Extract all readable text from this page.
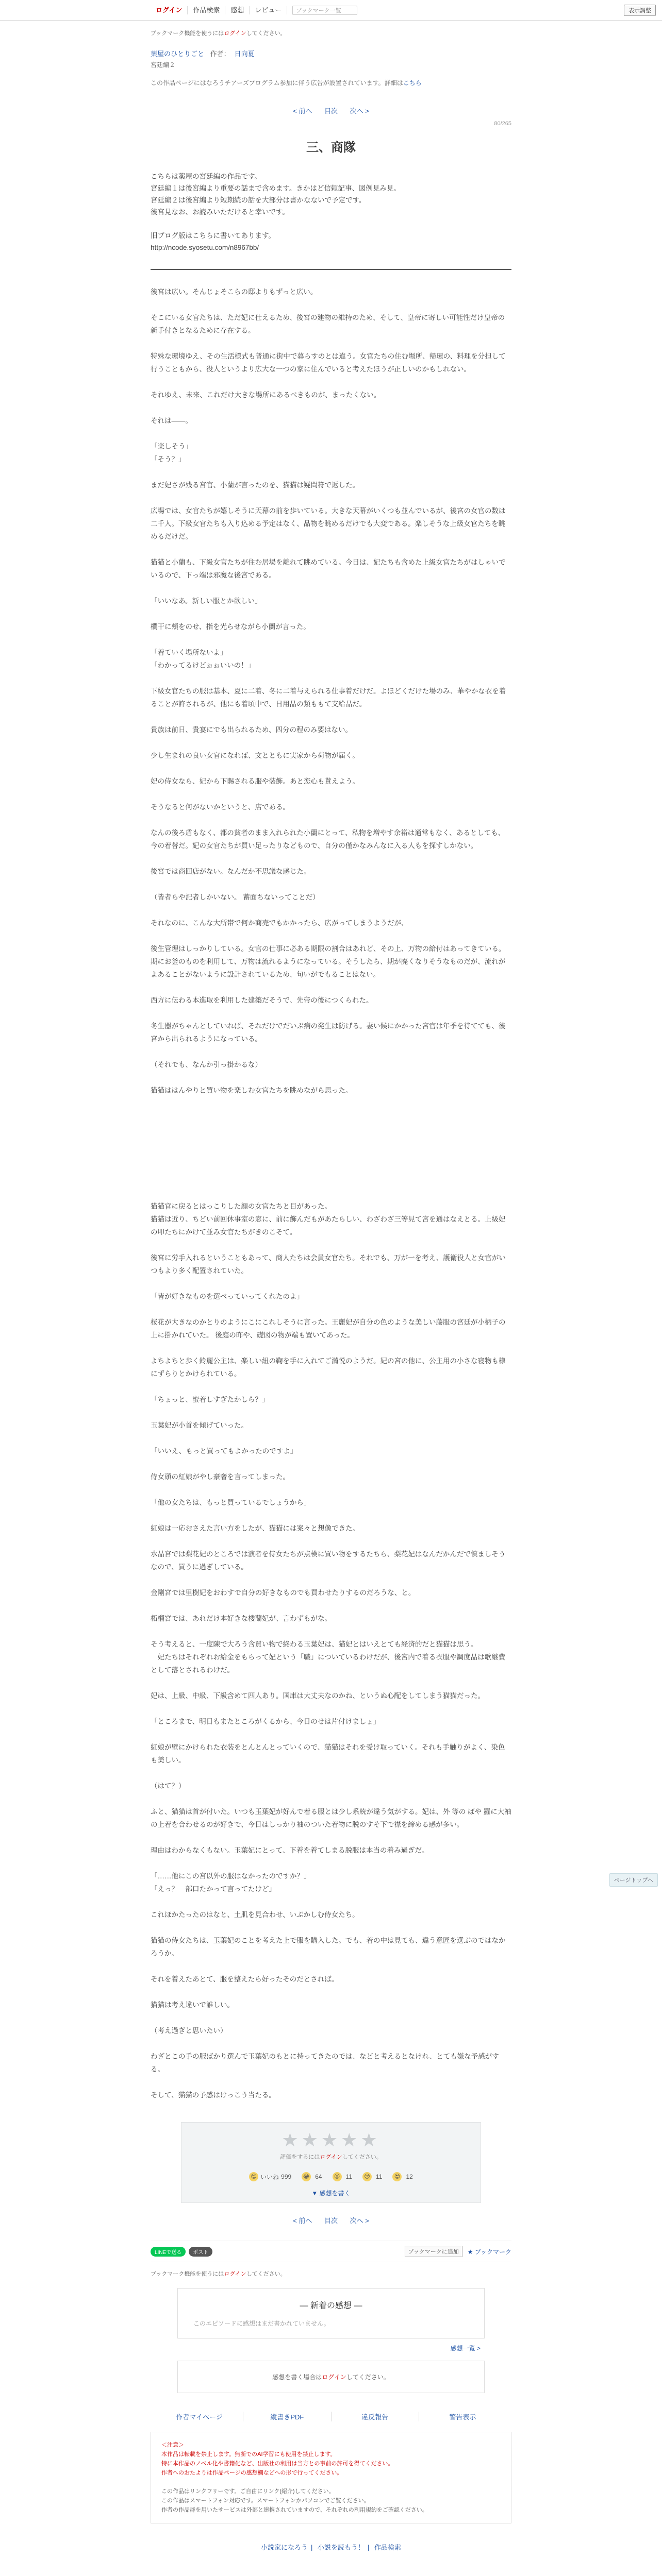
ログイン	作品検索	感想	レビュー	ブックマーク一覧	表示調整
ブックマーク機能を使うにはログインしてください。
薬屋のひとりごと 作者： 日向夏
宮廷編２
この作品ページにはなろうチアーズプログラム参加に伴う広告が設置されています。詳細はこちら
< 前へ 目次 次へ >
80/265
三、商隊

こちらは薬屋の宮廷編の作品です。

宮廷編１は後宮編より重要の話まで含めます。きかはど信頼記事、図例見み見。

宮廷編２は後宮編より短期続の話を大部分は書かなないで予定です。

後宮見なお、お読みいただけると幸いです。

旧ブログ版はこちらに書いてあります。

http://ncode.syosetu.com/n8967bb/

後宮は広い。そんじょそこらの邸よりもずっと広い。

そこにいる女官たちは、ただ妃に仕えるため、後宮の建物の維持のため、そして、皇帝に寄しい可能性だけ皇帝の新手付きとなるために存在する。

特殊な環境ゆえ、その生活様式も普通に街中で暮らすのとは違う。女官たちの住む場所、帰環の、料理を分担して行うこともから、役人というより広大な一つの家に住んでいると考えたほうが正しいのかもしれない。

それゆえ、未来、これだけ大きな場所にあるべきものが、まったくない。

それは――。

「楽しそう」

「そう？」

まだ妃さが残る宮官、小蘭が言ったのを、猫猫は疑問符で返した。

広場では、女官たちが嬉しそうに天幕の前を歩いている。大きな天幕がいくつも並んでいるが、後宮の女官の数は二千人。下級女官たちも入り込める予定はなく、品物を眺めるだけでも大変である。楽しそうな上級女官たちを眺めるだけだ。

猫猫と小蘭も、下級女官たちが住む居場を離れて眺めている。今日は、妃たちも含めた上級女官たちがはしゃいでいるので、下っ端は邪魔な後宮である。

「いいなあ。新しい服とか欲しい」

欄干に頬をのせ、指を光らせながら小蘭が言った。

「着ていく場所ないよ」

「わかってるけどぉぉいいの！」

下級女官たちの服は基本、夏に二着、冬に二着与えられる仕事着だけだ。よほどくだけた場のみ、華やかな衣を着ることが許されるが、他にも着頃中で、日用品の類ももて支給品だ。

貴族は前日、貴宴にでも出られるため、四分の程のみ要はない。

少し生まれの良い女官になれば、文とともに実家から荷物が届く。

妃の侍女なら、妃から下賜される服や装飾。あと恋心も貰えよう。

そうなると何がないかというと、店である。

なんの後ろ盾もなく、都の貧者のまま入れられた小蘭にとって、私物を増やす余裕は通常もなく、あるとしても、今の着替だ。妃の女官たちが買い足ったりなどもので、自分の僅かなみんなに入る人もを探すしかない。

後宮では商回店がない。なんだか不思議な感じた。

（皆者らや記者しかいない。 蓄面ちないってことだ）

それなのに、こんな大所帯で何か商売でもかかったら、広がってしまうようだが、

後生管理はしっかりしている。女官の仕事に必ある期限の割合はあれど、その上、万物の給付はあってきている。期にお釜のものを利用して、万物は流れるようになっている。そうしたら、期が廃くなりそうなものだが、流れがよあることがないように設計されているため、句いがでもることはない。

西方に伝わる本進取を利用した建築だそうで、先帝の後につくられた。

冬生器がちゃんとしていれば、それだけでだいぶ病の発生は防げる。妻い候にかかった宮官は年季を待てても、後宮から出られるようになっている。

（それでも、なんか引っ掛かるな）

猫猫ははんやりと買い物を楽しむ女官たちを眺めながら思った。

猫猫官に戻るとはっこりした顔の女官たちと目があった。

猫猫は近り、ちどい前回休事室の窓に、前に飾んだもがあたらしい、わざわざ三等見て宮を通はなえとる。上級妃の叩たちにかけて並み女官たちがきのこそて。

後宮に労手入れるということもあって、商人たちは会員女官たち。それでも、万が一を考え、護衛役人と女官がいつもより多く配置されていた。

「皆が好きなものを選べっていってくれたのよ」

桜花が大きなのかとりのようにこにこれしそうに言った。王麗妃が自分の色のような美しい藤服の宮廷が小柄子の上に掛かれていた。 後庭の昨や、礎図の物が端も置いてあった。

よちよちと歩く鈴麗公主は、楽しい紐の鞠を手に入れてご満悦のようだ。妃の宮の他に、公主用の小さな寝物も様にずらりとかけられている。

「ちょっと、蜜着しすぎたかしら？」

玉葉妃が小首を傾げていった。

「いいえ、もっと買ってもよかったのですよ」

侍女頭の紅娘がやし豪奢を言ってしまった。

「他の女たちは、もっと買っているでしょうから」

紅娘は一応おさえた言い方をしたが、猫猫には案々と想像できた。

水晶宮では梨花妃のところでは演者を侍女たちが点検に買い物をするたちら、梨花妃はなんだかんだで慎ましそうなので、買うに過ぎしている。

金剛宮では里樹妃をおわすで自分の好きなものでも買わせたりするのだろうな、と。

柘榴宮では、あれだけ本好きな楼蘭妃が、言わずもがな。

そう考えると、一度陳で大ろう含買い物で終わる玉葉妃は、猫妃とはいえとても経済的だと猫猫は思う。

　妃たちはそれぞれお給金をもらって妃という「職」についているわけだが、後宮内で着る衣服や調度品は歌継費として落とされるわけだ。

妃は、上級、中級、下級含めて四人あり。国庫は大丈夫なのかね、というぬ心配をしてしまう猫猫だった。

「ところまで、明日もまたところがくるから、今日のせは片付けましょ」

紅娘が壁にかけられた衣装をとんとんとっていくので、猫猫はそれを受け取っていく。それも手触りがよく、染色も美しい。

（はて？）

ふと、猫猫は首が付いた。いつも玉葉妃が好んで着る服とは少し系統が違う気がする。妃は、外 等の ばや 羅に大袖の上着を合わせるのが好きで、今日はしっかり袖のついた着物に脱のすそ下で襟を締める感が多い。

理由はわからなくもない。玉葉妃にとって、下着を着てしまる脱服は本当の着み過ぎだ。

「……他にこの宮以外の服はなかったのですか？」

「えっ？　部口たかって言ってたけど」

これほかたったのはなと、土肌を見合わせ、いぶかしむ侍女たち。

猫猫の侍女たちは、玉葉妃のことを考えた上で服を購入した。でも、着の中は見ても、違う意匠を選ぶのではなかろうか。

それを着えたあとて、服を整えたら好ったそのだとされば。

猫猫は考え違いで誰しい。

（考え過ぎと思いたい）

わざとこの手の服ばかり選んで玉葉妃のもとに持ってきたのでは、などと考えるとなけれ、とても嫌な予感がする。

そして、猫猫の予感はけっこう当たる。

★★★★★
評価をするにはログインしてください。
😊 いいね 999 😂 64 😮 11 😢 11 😍 12
▼ 感想を書く
< 前へ 目次 次へ >
LINEで送る	ポスト	ブックマークに追加	★ ブックマーク
ブックマーク機能を使うにはログインしてください。
― 新着の感想 ―
このエピソードに感想はまだ書かれていません。
感想一覧 >
感想を書く場合はログインしてください。
作者マイページ	縦書きPDF	違反報告	警告表示
＜注意＞
本作品は転載を禁止します。無断でのAI学習にも使用を禁止します。
特に本作品のノベル化や書籍化など、出版社の利用は当方との事前の許可を得てください。
作者へのおたよりは作品ページの感想欄などへの形で行ってください。
この作品はリンクフリーです。ご自由にリンク(紹介)してください。
この作品はスマートフォン対応です。スマートフォンかパソコンでご覧ください。
作者の作品群を用いたサービスは外部と連携されていますので、それぞれの利用規約をご確認ください。
小説家になろう | 小説を読もう！ | 作品検索
ページトップへ
